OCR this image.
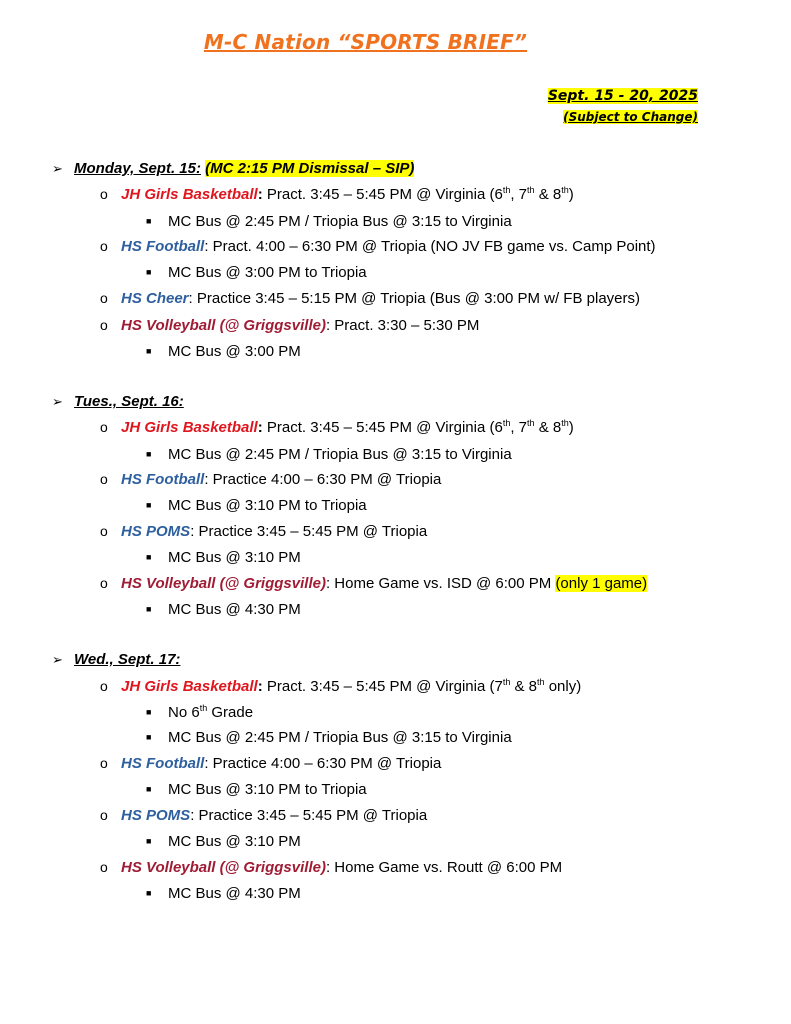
M-C Nation “SPORTS BRIEF”
Sept. 15 - 20, 2025
(Subject to Change)
➢ Monday, Sept. 15: (MC 2:15 PM Dismissal – SIP)
o JH Girls Basketball: Pract. 3:45 – 5:45 PM @ Virginia (6th, 7th & 8th)
■ MC Bus @ 2:45 PM / Triopia Bus @ 3:15 to Virginia
o HS Football: Pract. 4:00 – 6:30 PM @ Triopia (NO JV FB game vs. Camp Point)
■ MC Bus @ 3:00 PM to Triopia
o HS Cheer: Practice 3:45 – 5:15 PM @ Triopia (Bus @ 3:00 PM w/ FB players)
o HS Volleyball (@ Griggsville): Pract. 3:30 – 5:30 PM
■ MC Bus @ 3:00 PM
➢ Tues., Sept. 16:
o JH Girls Basketball: Pract. 3:45 – 5:45 PM @ Virginia (6th, 7th & 8th)
■ MC Bus @ 2:45 PM / Triopia Bus @ 3:15 to Virginia
o HS Football: Practice 4:00 – 6:30 PM @ Triopia
■ MC Bus @ 3:10 PM to Triopia
o HS POMS: Practice 3:45 – 5:45 PM @ Triopia
■ MC Bus @ 3:10 PM
o HS Volleyball (@ Griggsville): Home Game vs. ISD @ 6:00 PM (only 1 game)
■ MC Bus @ 4:30 PM
➢ Wed., Sept. 17:
o JH Girls Basketball: Pract. 3:45 – 5:45 PM @ Virginia (7th & 8th only)
■ No 6th Grade
■ MC Bus @ 2:45 PM / Triopia Bus @ 3:15 to Virginia
o HS Football: Practice 4:00 – 6:30 PM @ Triopia
■ MC Bus @ 3:10 PM to Triopia
o HS POMS: Practice 3:45 – 5:45 PM @ Triopia
■ MC Bus @ 3:10 PM
o HS Volleyball (@ Griggsville): Home Game vs. Routt @ 6:00 PM
■ MC Bus @ 4:30 PM
